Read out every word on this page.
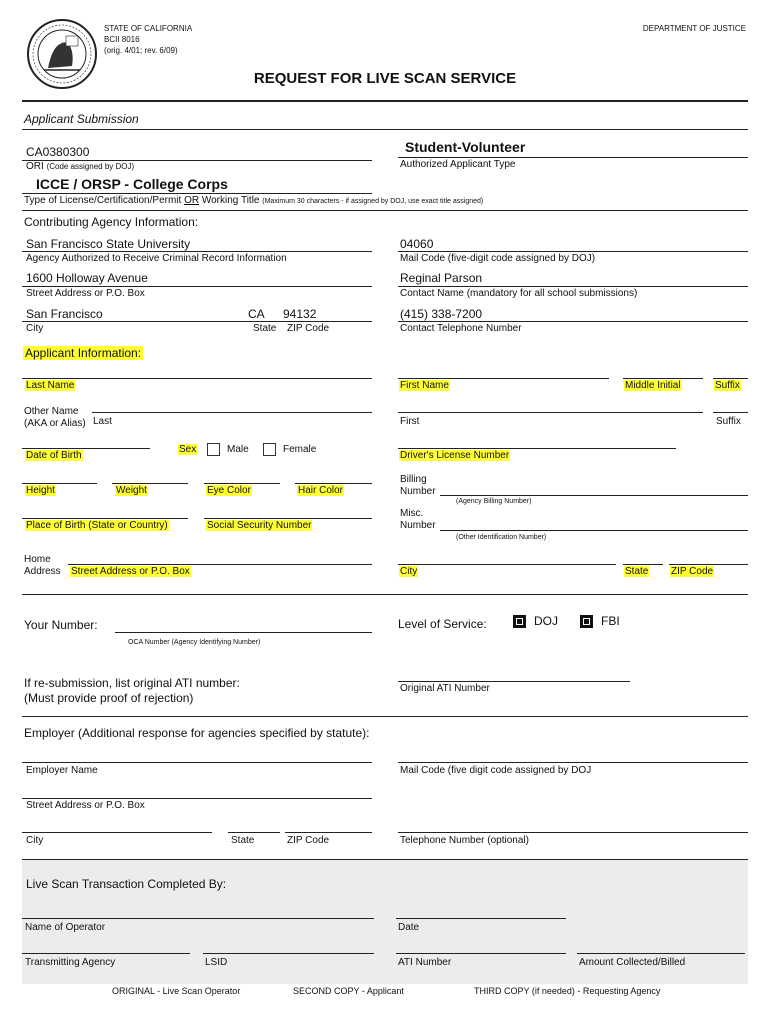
STATE OF CALIFORNIA
BCII 8016
(orig. 4/01; rev. 6/09)
DEPARTMENT OF JUSTICE
REQUEST FOR LIVE SCAN SERVICE
Applicant Submission
CA0380300
ORI (Code assigned by DOJ)
Student-Volunteer
Authorized Applicant Type
ICCE / ORSP - College Corps
Type of License/Certification/Permit OR Working Title (Maximum 30 characters - if assigned by DOJ, use exact title assigned)
Contributing Agency Information:
San Francisco State University
Agency Authorized to Receive Criminal Record Information
04060
Mail Code (five-digit code assigned by DOJ)
1600 Holloway Avenue
Street Address or P.O. Box
Reginal Parson
Contact Name (mandatory for all school submissions)
San Francisco	CA 94132
City	State ZIP Code
(415) 338-7200
Contact Telephone Number
Applicant Information:
Last Name	First Name	Middle Initial	Suffix
Other Name
(AKA or Alias) Last	First	Suffix
Date of Birth
Sex	Male	Female
Driver's License Number
Height	Weight	Eye Color	Hair Color
Billing
Number
(Agency Billing Number)
Place of Birth (State or Country)	Social Security Number
Misc.
Number
(Other Identification Number)
Home
Address Street Address or P.O. Box	City	State ZIP Code
Your Number:
OCA Number (Agency Identifying Number)
Level of Service:	DOJ	FBI
If re-submission, list original ATI number:
(Must provide proof of rejection)
Original ATI Number
Employer (Additional response for agencies specified by statute):
Employer Name	Mail Code (five digit code assigned by DOJ
Street Address or P.O. Box
City	State	ZIP Code	Telephone Number (optional)
Live Scan Transaction Completed By:
Name of Operator	Date
Transmitting Agency	LSID	ATI Number	Amount Collected/Billed
ORIGINAL - Live Scan Operator	SECOND COPY - Applicant	THIRD COPY (if needed) - Requesting Agency
